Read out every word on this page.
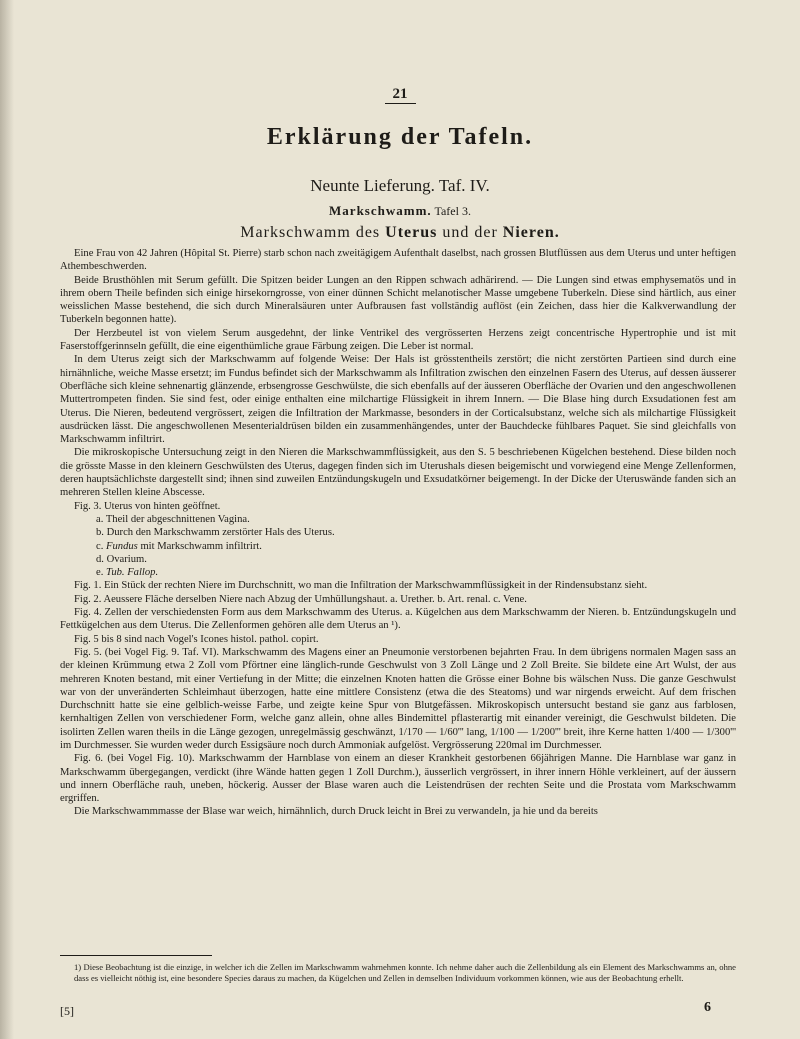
21
Erklärung der Tafeln.
Neunte Lieferung. Taf. IV.
Markschwamm. Tafel 3.
Markschwamm des Uterus und der Nieren.

Eine Frau von 42 Jahren (Hôpital St. Pierre) starb schon nach zweitägigem Aufenthalt daselbst, nach grossen Blutflüssen aus dem Uterus und unter heftigen Athembeschwerden.

Beide Brusthöhlen mit Serum gefüllt. Die Spitzen beider Lungen an den Rippen schwach adhärirend. — Die Lungen sind etwas emphysematös und in ihrem obern Theile befinden sich einige hirsekorngrosse, von einer dünnen Schicht melanotischer Masse umgebene Tuberkeln. Diese sind härtlich, aus einer weisslichen Masse bestehend, die sich durch Mineralsäuren unter Aufbrausen fast vollständig auflöst (ein Zeichen, dass hier die Kalkverwandlung der Tuberkeln begonnen hatte).

Der Herzbeutel ist von vielem Serum ausgedehnt, der linke Ventrikel des vergrösserten Herzens zeigt concentrische Hypertrophie und ist mit Faserstoffgerinnseln gefüllt, die eine eigenthümliche graue Färbung zeigen. Die Leber ist normal.

In dem Uterus zeigt sich der Markschwamm auf folgende Weise: Der Hals ist grösstentheils zerstört; die nicht zerstörten Partieen sind durch eine hirnähnliche, weiche Masse ersetzt; im Fundus befindet sich der Markschwamm als Infiltration zwischen den einzelnen Fasern des Uterus, auf dessen äusserer Oberfläche sich kleine sehnenartig glänzende, erbsengrosse Geschwülste, die sich ebenfalls auf der äusseren Oberfläche der Ovarien und den angeschwollenen Muttertrompeten finden. Sie sind fest, oder einige enthalten eine milchartige Flüssigkeit in ihrem Innern. — Die Blase hing durch Exsudationen fest am Uterus. Die Nieren, bedeutend vergrössert, zeigen die Infiltration der Markmasse, besonders in der Corticalsubstanz, welche sich als milchartige Flüssigkeit ausdrücken lässt. Die angeschwollenen Mesenterialdrüsen bilden ein zusammenhängendes, unter der Bauchdecke fühlbares Paquet. Sie sind gleichfalls von Markschwamm infiltrirt.

Die mikroskopische Untersuchung zeigt in den Nieren die Markschwammflüssigkeit, aus den S. 5 beschriebenen Kügelchen bestehend. Diese bilden noch die grösste Masse in den kleinern Geschwülsten des Uterus, dagegen finden sich im Uterushals diesen beigemischt und vorwiegend eine Menge Zellenformen, deren hauptsächlichste dargestellt sind; ihnen sind zuweilen Entzündungskugeln und Exsudatkörner beigemengt. In der Dicke der Uteruswände fanden sich an mehreren Stellen kleine Abscesse.

Fig. 3. Uterus von hinten geöffnet.

a. Theil der abgeschnittenen Vagina.

b. Durch den Markschwamm zerstörter Hals des Uterus.

c. Fundus mit Markschwamm infiltrirt.

d. Ovarium.

e. Tub. Fallop.

Fig. 1. Ein Stück der rechten Niere im Durchschnitt, wo man die Infiltration der Markschwammflüssigkeit in der Rindensubstanz sieht.

Fig. 2. Aeussere Fläche derselben Niere nach Abzug der Umhüllungshaut. a. Urether. b. Art. renal. c. Vene.

Fig. 4. Zellen der verschiedensten Form aus dem Markschwamm des Uterus. a. Kügelchen aus dem Markschwamm der Nieren. b. Entzündungskugeln und Fettkügelchen aus dem Uterus. Die Zellenformen gehören alle dem Uterus an ¹).

Fig. 5 bis 8 sind nach Vogel's Icones histol. pathol. copirt.

Fig. 5. (bei Vogel Fig. 9. Taf. VI). Markschwamm des Magens einer an Pneumonie verstorbenen bejahrten Frau. In dem übrigens normalen Magen sass an der kleinen Krümmung etwa 2 Zoll vom Pförtner eine länglich-runde Geschwulst von 3 Zoll Länge und 2 Zoll Breite. Sie bildete eine Art Wulst, der aus mehreren Knoten bestand, mit einer Vertiefung in der Mitte; die einzelnen Knoten hatten die Grösse einer Bohne bis wälschen Nuss. Die ganze Geschwulst war von der unveränderten Schleimhaut überzogen, hatte eine mittlere Consistenz (etwa die des Steatoms) und war nirgends erweicht. Auf dem frischen Durchschnitt hatte sie eine gelblich-weisse Farbe, und zeigte keine Spur von Blutgefässen. Mikroskopisch untersucht bestand sie ganz aus farblosen, kernhaltigen Zellen von verschiedener Form, welche ganz allein, ohne alles Bindemittel pflasterartig mit einander vereinigt, die Geschwulst bildeten. Die isolirten Zellen waren theils in die Länge gezogen, unregelmässig geschwänzt, 1/170 — 1/60''' lang, 1/100 — 1/200''' breit, ihre Kerne hatten 1/400 — 1/300''' im Durchmesser. Sie wurden weder durch Essigsäure noch durch Ammoniak aufgelöst. Vergrösserung 220mal im Durchmesser.

Fig. 6. (bei Vogel Fig. 10). Markschwamm der Harnblase von einem an dieser Krankheit gestorbenen 66jährigen Manne. Die Harnblase war ganz in Markschwamm übergegangen, verdickt (ihre Wände hatten gegen 1 Zoll Durchm.), äusserlich vergrössert, in ihrer innern Höhle verkleinert, auf der äussern und innern Oberfläche rauh, uneben, höckerig. Ausser der Blase waren auch die Leistendrüsen der rechten Seite und die Prostata vom Markschwamm ergriffen.

Die Markschwammmasse der Blase war weich, hirnähnlich, durch Druck leicht in Brei zu verwandeln, ja hie und da bereits

1) Diese Beobachtung ist die einzige, in welcher ich die Zellen im Markschwamm wahrnehmen konnte. Ich nehme daher auch die Zellenbildung als ein Element des Markschwamms an, ohne dass es vielleicht nöthig ist, eine besondere Species daraus zu machen, da Kügelchen und Zellen in demselben Individuum vorkommen können, wie aus der Beobachtung erhellt.
[5]	6
